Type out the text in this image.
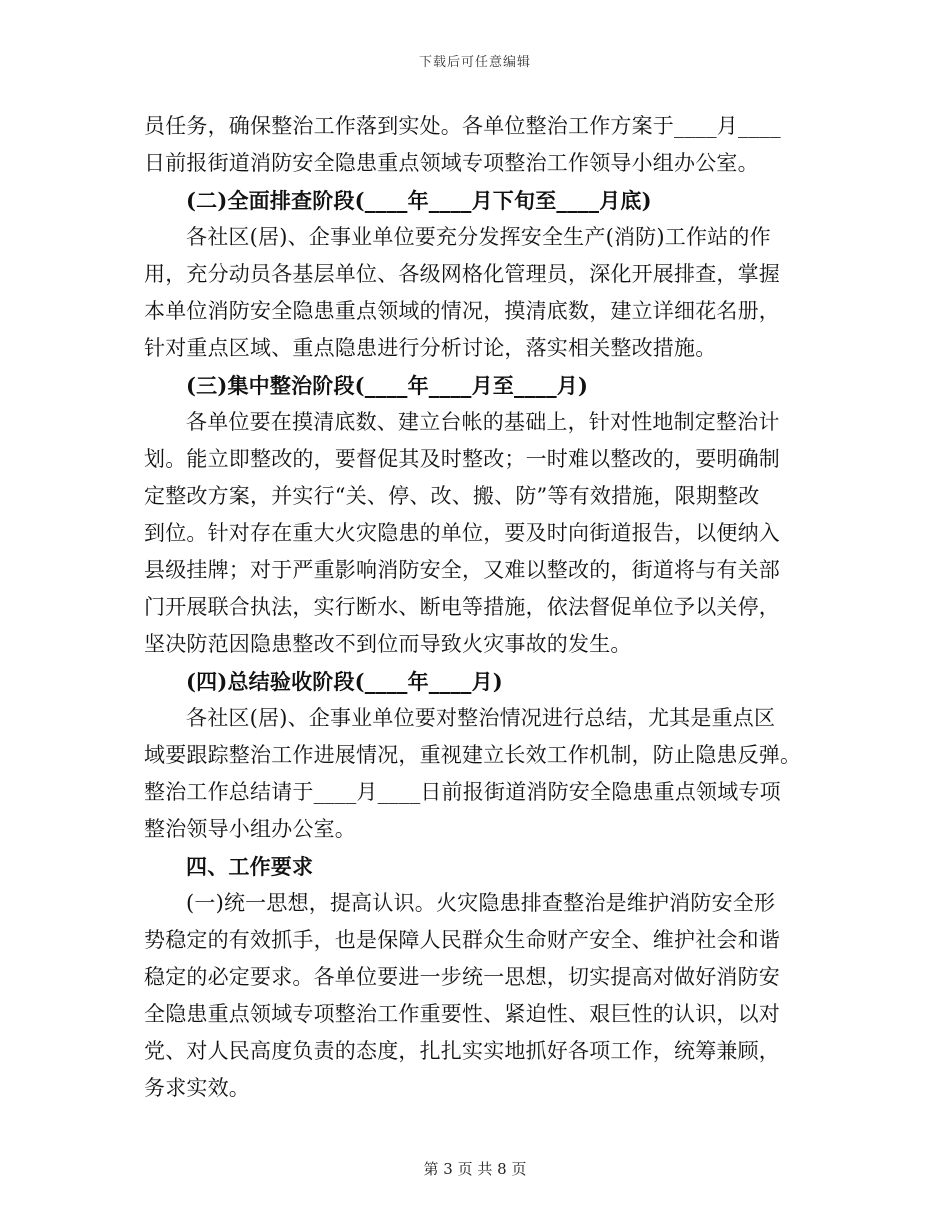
下载后可任意编辑
员任务，确保整治工作落到实处。各单位整治工作方案于____月____
日前报街道消防安全隐患重点领域专项整治工作领导小组办公室。
(二)全面排查阶段(____年____月下旬至____月底)
各社区(居)、企事业单位要充分发挥安全生产(消防)工作站的作
用，充分动员各基层单位、各级网格化管理员，深化开展排查，掌握
本单位消防安全隐患重点领域的情况，摸清底数，建立详细花名册，
针对重点区域、重点隐患进行分析讨论，落实相关整改措施。
(三)集中整治阶段(____年____月至____月)
各单位要在摸清底数、建立台帐的基础上，针对性地制定整治计
划。能立即整改的，要督促其及时整改；一时难以整改的，要明确制
定整改方案，并实行“关、停、改、搬、防”等有效措施，限期整改
到位。针对存在重大火灾隐患的单位，要及时向街道报告，以便纳入
县级挂牌；对于严重影响消防安全，又难以整改的，街道将与有关部
门开展联合执法，实行断水、断电等措施，依法督促单位予以关停，
坚决防范因隐患整改不到位而导致火灾事故的发生。
(四)总结验收阶段(____年____月)
各社区(居)、企事业单位要对整治情况进行总结，尤其是重点区
域要跟踪整治工作进展情况，重视建立长效工作机制，防止隐患反弹。
整治工作总结请于____月____日前报街道消防安全隐患重点领域专项
整治领导小组办公室。
四、工作要求
(一)统一思想，提高认识。火灾隐患排查整治是维护消防安全形
势稳定的有效抓手，也是保障人民群众生命财产安全、维护社会和谐
稳定的必定要求。各单位要进一步统一思想，切实提高对做好消防安
全隐患重点领域专项整治工作重要性、紧迫性、艰巨性的认识，以对
党、对人民高度负责的态度，扎扎实实地抓好各项工作，统筹兼顾，
务求实效。
第 3 页 共 8 页
